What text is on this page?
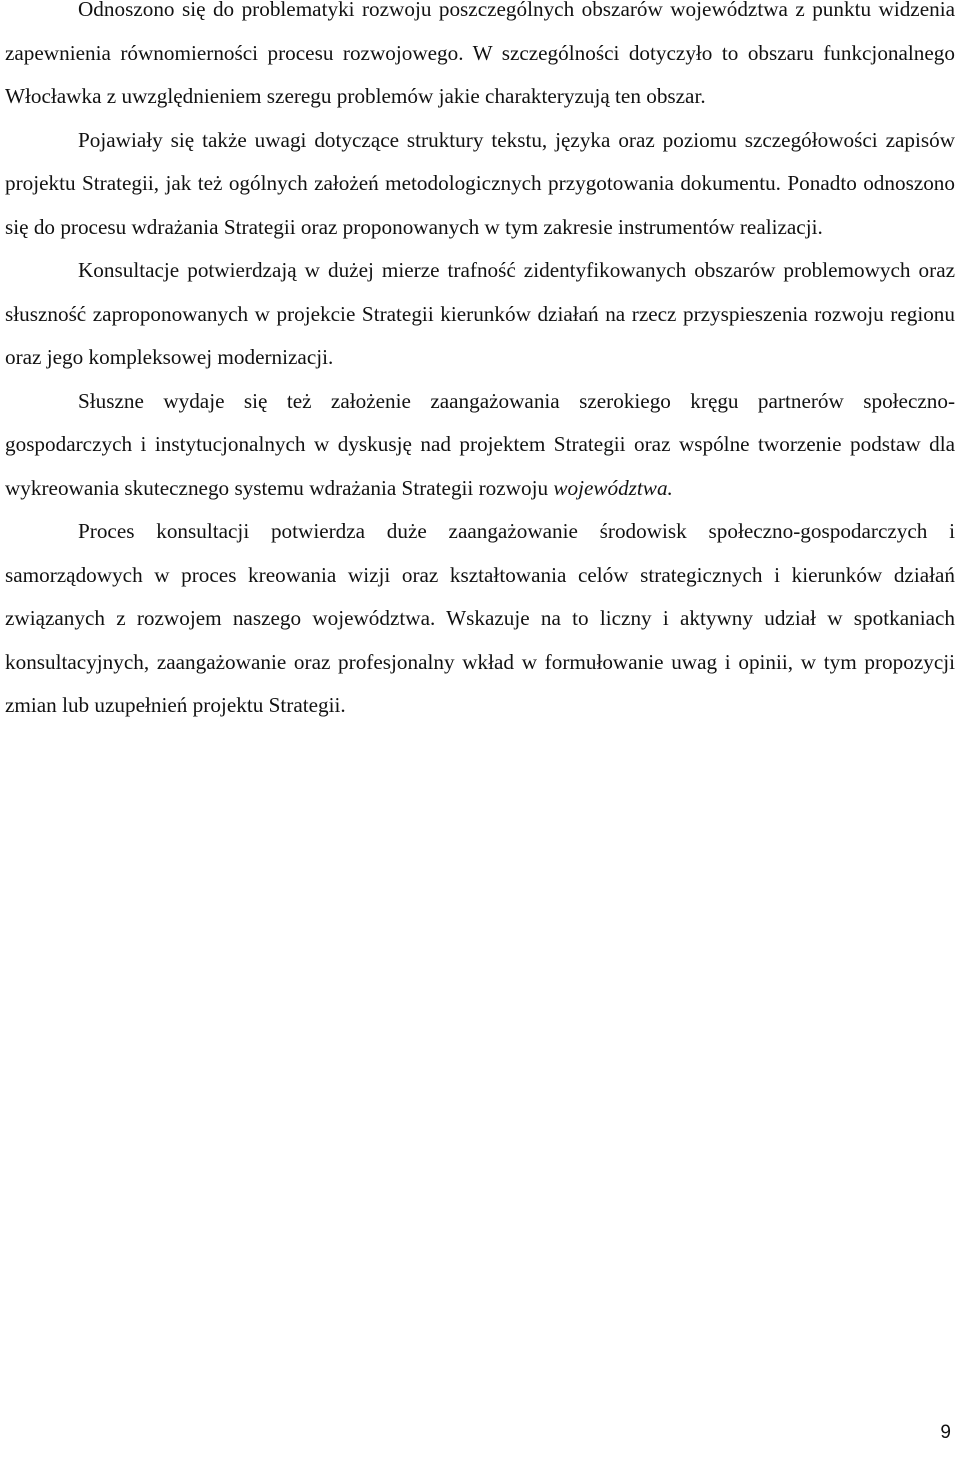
Odnoszono się do problematyki rozwoju poszczególnych obszarów województwa z punktu widzenia zapewnienia równomierności procesu rozwojowego. W szczególności dotyczyło to obszaru funkcjonalnego Włocławka z uwzględnieniem szeregu problemów jakie charakteryzują ten obszar.

Pojawiały się także uwagi dotyczące struktury tekstu, języka oraz poziomu szczegółowości zapisów projektu Strategii, jak też ogólnych założeń metodologicznych przygotowania dokumentu. Ponadto odnoszono się do procesu wdrażania Strategii oraz proponowanych w tym zakresie instrumentów realizacji.

Konsultacje potwierdzają w dużej mierze trafność zidentyfikowanych obszarów problemowych oraz słuszność zaproponowanych w projekcie Strategii kierunków działań na rzecz przyspieszenia rozwoju regionu oraz jego kompleksowej modernizacji.

Słuszne wydaje się też założenie zaangażowania szerokiego kręgu partnerów społeczno-gospodarczych i instytucjonalnych w dyskusję nad projektem Strategii oraz wspólne tworzenie podstaw dla wykreowania skutecznego systemu wdrażania Strategii rozwoju województwa.

Proces konsultacji potwierdza duże zaangażowanie środowisk społeczno-gospodarczych i samorządowych w proces kreowania wizji oraz kształtowania celów strategicznych i kierunków działań związanych z rozwojem naszego województwa. Wskazuje na to liczny i aktywny udział w spotkaniach konsultacyjnych, zaangażowanie oraz profesjonalny wkład w formułowanie uwag i opinii, w tym propozycji zmian lub uzupełnień projektu Strategii.

9
